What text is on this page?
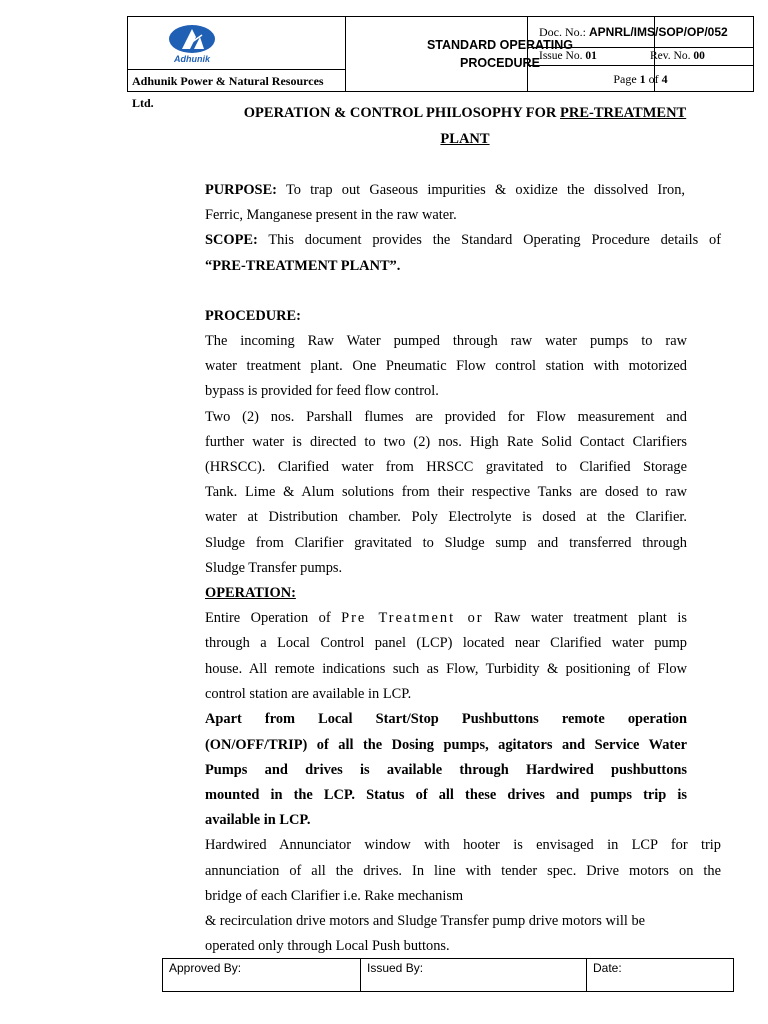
Adhunik
Adhunik Power & Natural Resources Ltd.
STANDARD OPERATING
PROCEDURE
Doc. No.: APNRL/IMS/SOP/OP/052
Issue No. 01	Rev. No. 00
Page 1 of 4
OPERATION & CONTROL PHILOSOPHY FOR PRE-TREATMENT
PLANT
PURPOSE: To trap out Gaseous impurities & oxidize the dissolved Iron,
Ferric, Manganese present in the raw water.
SCOPE: This document provides the Standard Operating Procedure details of
“PRE-TREATMENT PLANT”.
PROCEDURE:
The incoming Raw Water pumped through raw water pumps to raw
water treatment plant. One Pneumatic Flow control station with motorized
bypass is provided for feed flow control.
Two (2) nos. Parshall flumes are provided for Flow measurement and
further water is directed to two (2) nos. High Rate Solid Contact Clarifiers
(HRSCC). Clarified water from HRSCC gravitated to Clarified Storage
Tank. Lime & Alum solutions from their respective Tanks are dosed to raw
water at Distribution chamber. Poly Electrolyte is dosed at the Clarifier.
Sludge from Clarifier gravitated to Sludge sump and transferred through
Sludge Transfer pumps.
OPERATION:
Entire Operation of Pre Treatment or Raw water treatment plant is
through a Local Control panel (LCP) located near Clarified water pump
house. All remote indications such as Flow, Turbidity & positioning of Flow
control station are available in LCP.
Apart from Local Start/Stop Pushbuttons remote operation
(ON/OFF/TRIP) of all the Dosing pumps, agitators and Service Water
Pumps and drives is available through Hardwired pushbuttons
mounted in the LCP. Status of all these drives and pumps trip is
available in LCP.
Hardwired Annunciator window with hooter is envisaged in LCP for trip
annunciation of all the drives. In line with tender spec. Drive motors on the
bridge of each Clarifier i.e. Rake mechanism
& recirculation drive motors and Sludge Transfer pump drive motors will be
operated only through Local Push buttons.
Approved By:	Issued By:	Date:
